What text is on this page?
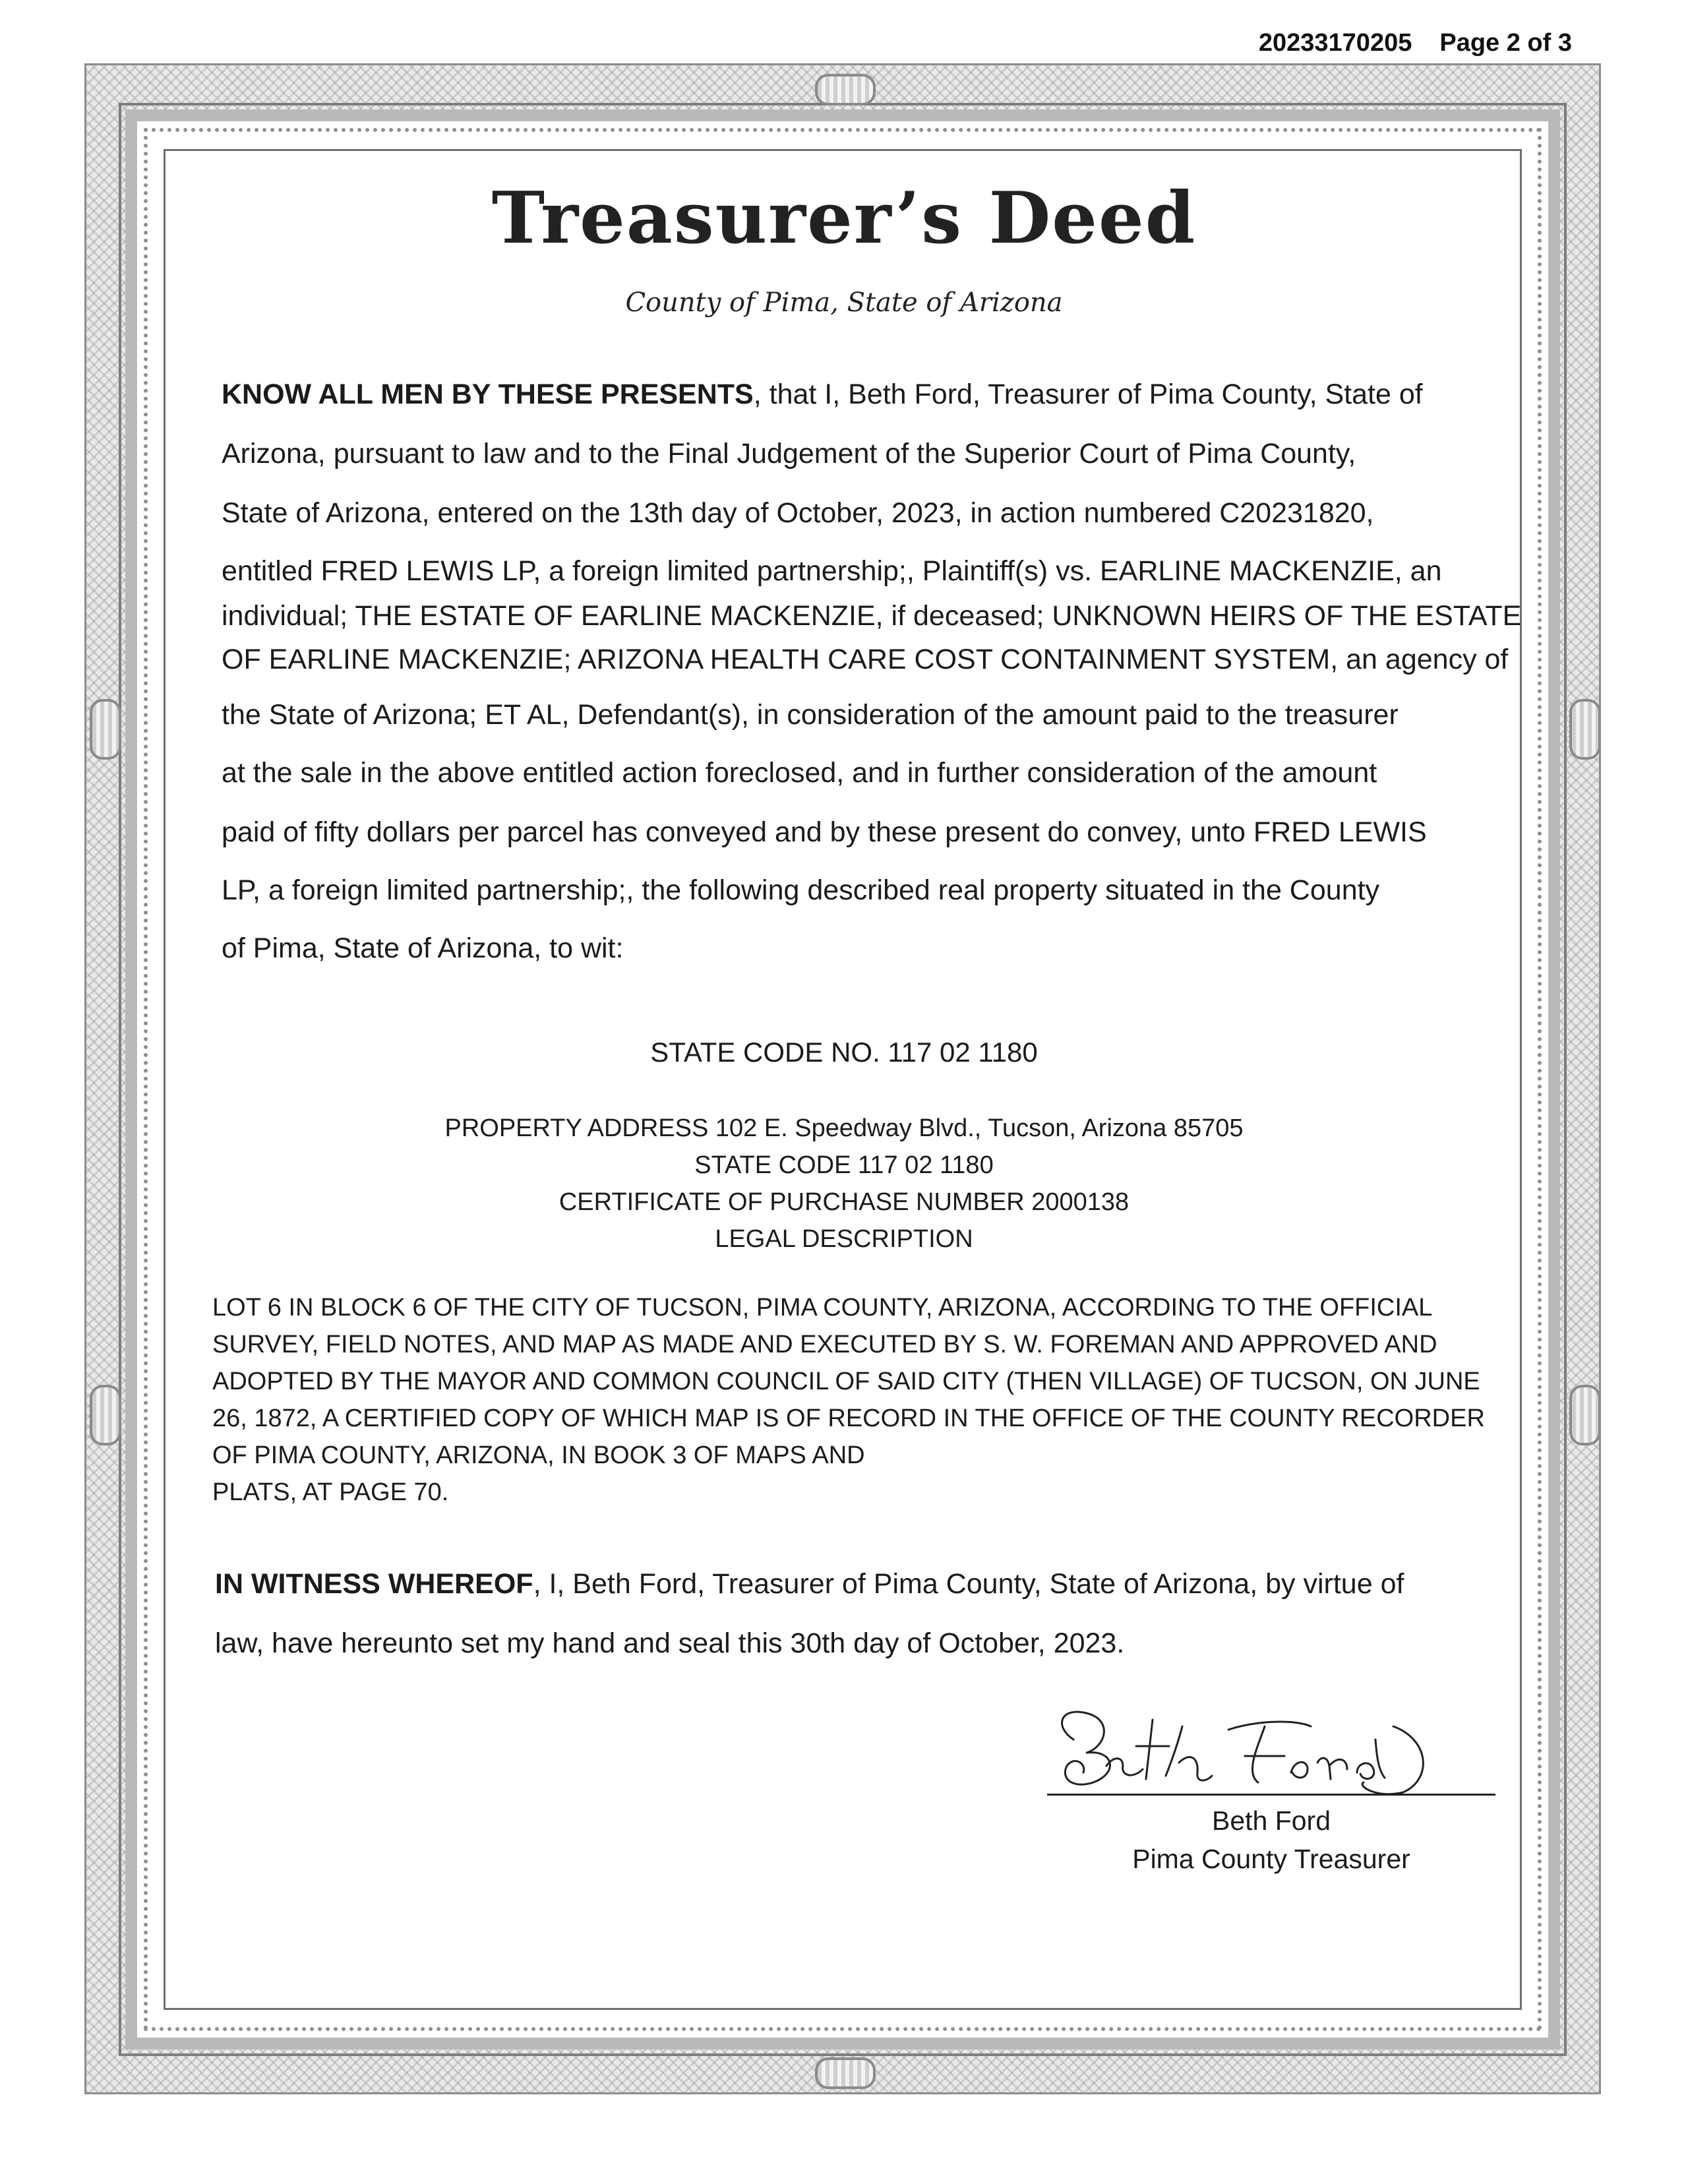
20233170205 Page 2 of 3
Treasurer’s Deed
County of Pima, State of Arizona
KNOW ALL MEN BY THESE PRESENTS, that I, Beth Ford, Treasurer of Pima County, State of
Arizona, pursuant to law and to the Final Judgement of the Superior Court of Pima County,
State of Arizona, entered on the 13th day of October, 2023, in action numbered C20231820,
entitled FRED LEWIS LP, a foreign limited partnership;, Plaintiff(s) vs. EARLINE MACKENZIE, an
individual; THE ESTATE OF EARLINE MACKENZIE, if deceased; UNKNOWN HEIRS OF THE ESTATE
OF EARLINE MACKENZIE; ARIZONA HEALTH CARE COST CONTAINMENT SYSTEM, an agency of
the State of Arizona; ET AL, Defendant(s), in consideration of the amount paid to the treasurer
at the sale in the above entitled action foreclosed, and in further consideration of the amount
paid of fifty dollars per parcel has conveyed and by these present do convey, unto FRED LEWIS
LP, a foreign limited partnership;, the following described real property situated in the County
of Pima, State of Arizona, to wit:
STATE CODE NO. 117 02 1180
PROPERTY ADDRESS 102 E. Speedway Blvd., Tucson, Arizona 85705
STATE CODE 117 02 1180
CERTIFICATE OF PURCHASE NUMBER 2000138
LEGAL DESCRIPTION
LOT 6 IN BLOCK 6 OF THE CITY OF TUCSON, PIMA COUNTY, ARIZONA, ACCORDING TO THE OFFICIAL
SURVEY, FIELD NOTES, AND MAP AS MADE AND EXECUTED BY S. W. FOREMAN AND APPROVED AND
ADOPTED BY THE MAYOR AND COMMON COUNCIL OF SAID CITY (THEN VILLAGE) OF TUCSON, ON JUNE
26, 1872, A CERTIFIED COPY OF WHICH MAP IS OF RECORD IN THE OFFICE OF THE COUNTY RECORDER
OF PIMA COUNTY, ARIZONA, IN BOOK 3 OF MAPS AND
PLATS, AT PAGE 70.
IN WITNESS WHEREOF, I, Beth Ford, Treasurer of Pima County, State of Arizona, by virtue of
law, have hereunto set my hand and seal this 30th day of October, 2023.
Beth Ford
Pima County Treasurer
